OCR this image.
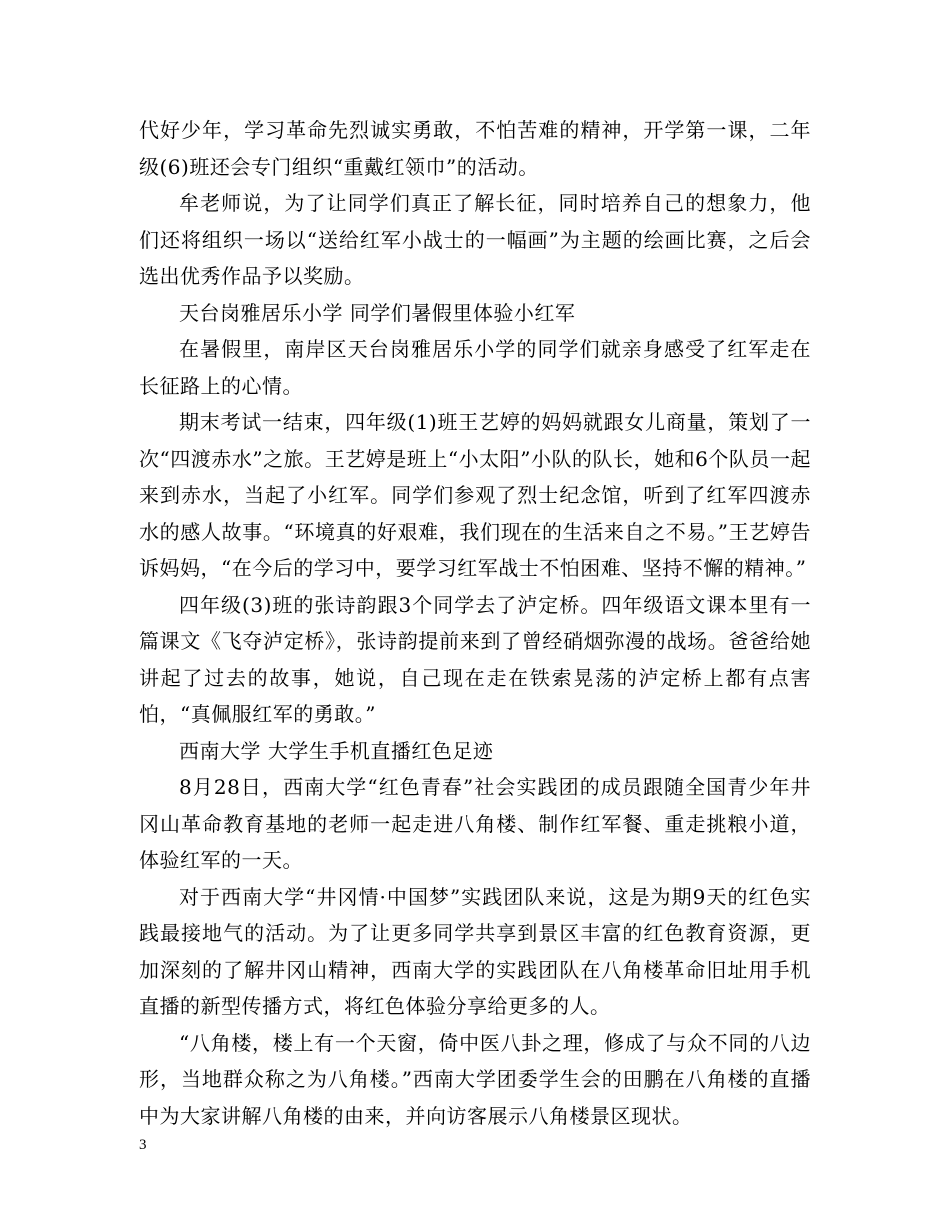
代好少年，学习革命先烈诚实勇敢，不怕苦难的精神，开学第一课，二年级(6)班还会专门组织“重戴红领巾”的活动。

牟老师说，为了让同学们真正了解长征，同时培养自己的想象力，他们还将组织一场以“送给红军小战士的一幅画”为主题的绘画比赛，之后会选出优秀作品予以奖励。

天台岗雅居乐小学 同学们暑假里体验小红军

在暑假里，南岸区天台岗雅居乐小学的同学们就亲身感受了红军走在长征路上的心情。

期末考试一结束，四年级(1)班王艺婷的妈妈就跟女儿商量，策划了一次“四渡赤水”之旅。王艺婷是班上“小太阳”小队的队长，她和6个队员一起来到赤水，当起了小红军。同学们参观了烈士纪念馆，听到了红军四渡赤水的感人故事。“环境真的好艰难，我们现在的生活来自之不易。”王艺婷告诉妈妈，“在今后的学习中，要学习红军战士不怕困难、坚持不懈的精神。”

四年级(3)班的张诗韵跟3个同学去了泸定桥。四年级语文课本里有一篇课文《飞夺泸定桥》，张诗韵提前来到了曾经硝烟弥漫的战场。爸爸给她讲起了过去的故事，她说，自己现在走在铁索晃荡的泸定桥上都有点害怕，“真佩服红军的勇敢。”

西南大学 大学生手机直播红色足迹

8月28日，西南大学“红色青春”社会实践团的成员跟随全国青少年井冈山革命教育基地的老师一起走进八角楼、制作红军餐、重走挑粮小道，体验红军的一天。

对于西南大学“井冈情·中国梦”实践团队来说，这是为期9天的红色实践最接地气的活动。为了让更多同学共享到景区丰富的红色教育资源，更加深刻的了解井冈山精神，西南大学的实践团队在八角楼革命旧址用手机直播的新型传播方式，将红色体验分享给更多的人。

“八角楼，楼上有一个天窗，倚中医八卦之理，修成了与众不同的八边形，当地群众称之为八角楼。”西南大学团委学生会的田鹏在八角楼的直播中为大家讲解八角楼的由来，并向访客展示八角楼景区现状。

3
